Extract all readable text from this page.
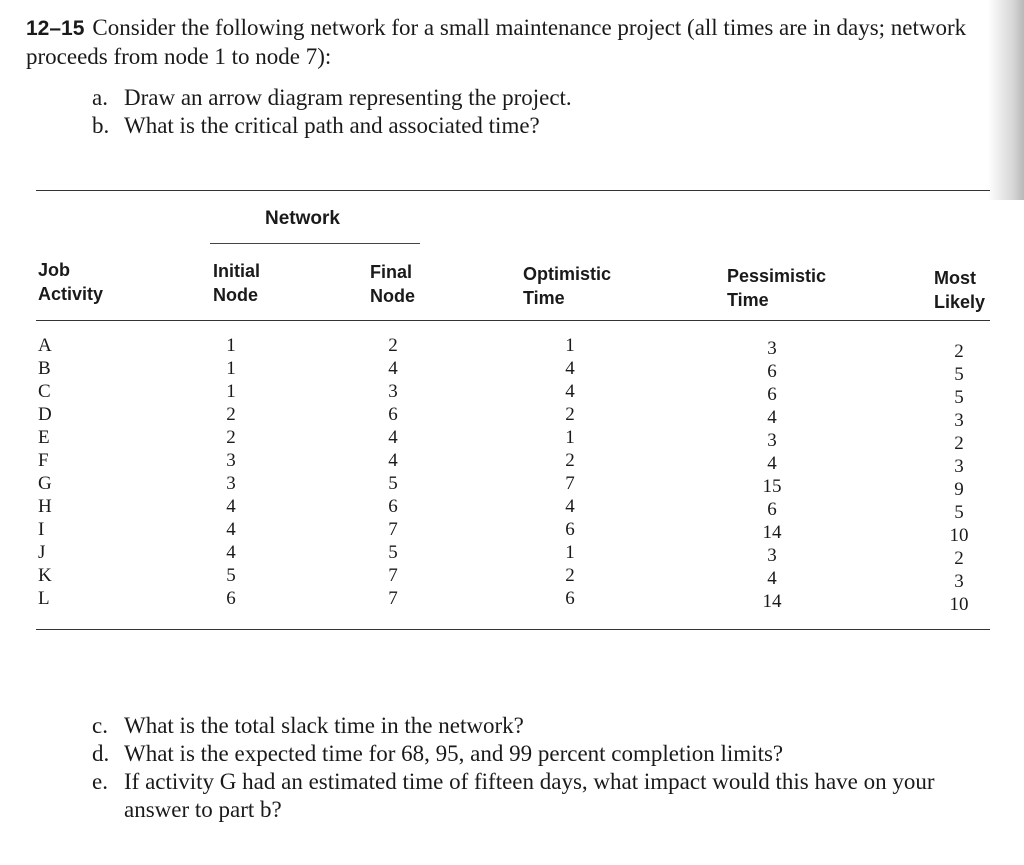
12–15 Consider the following network for a small maintenance project (all times are in days; network proceeds from node 1 to node 7):
a. Draw an arrow diagram representing the project.
b. What is the critical path and associated time?
Network
Job
Activity
Initial
Node
Final
Node
Optimistic
Time
Pessimistic
Time
Most
Likely
A
B
C
D
E
F
G
H
I
J
K
L
1
1
1
2
2
3
3
4
4
4
5
6
2
4
3
6
4
4
5
6
7
5
7
7
1
4
4
2
1
2
7
4
6
1
2
6
3
6
6
4
3
4
15
6
14
3
4
14
2
5
5
3
2
3
9
5
10
2
3
10
c. What is the total slack time in the network?
d. What is the expected time for 68, 95, and 99 percent completion limits?
e. If activity G had an estimated time of fifteen days, what impact would this have on your answer to part b?
